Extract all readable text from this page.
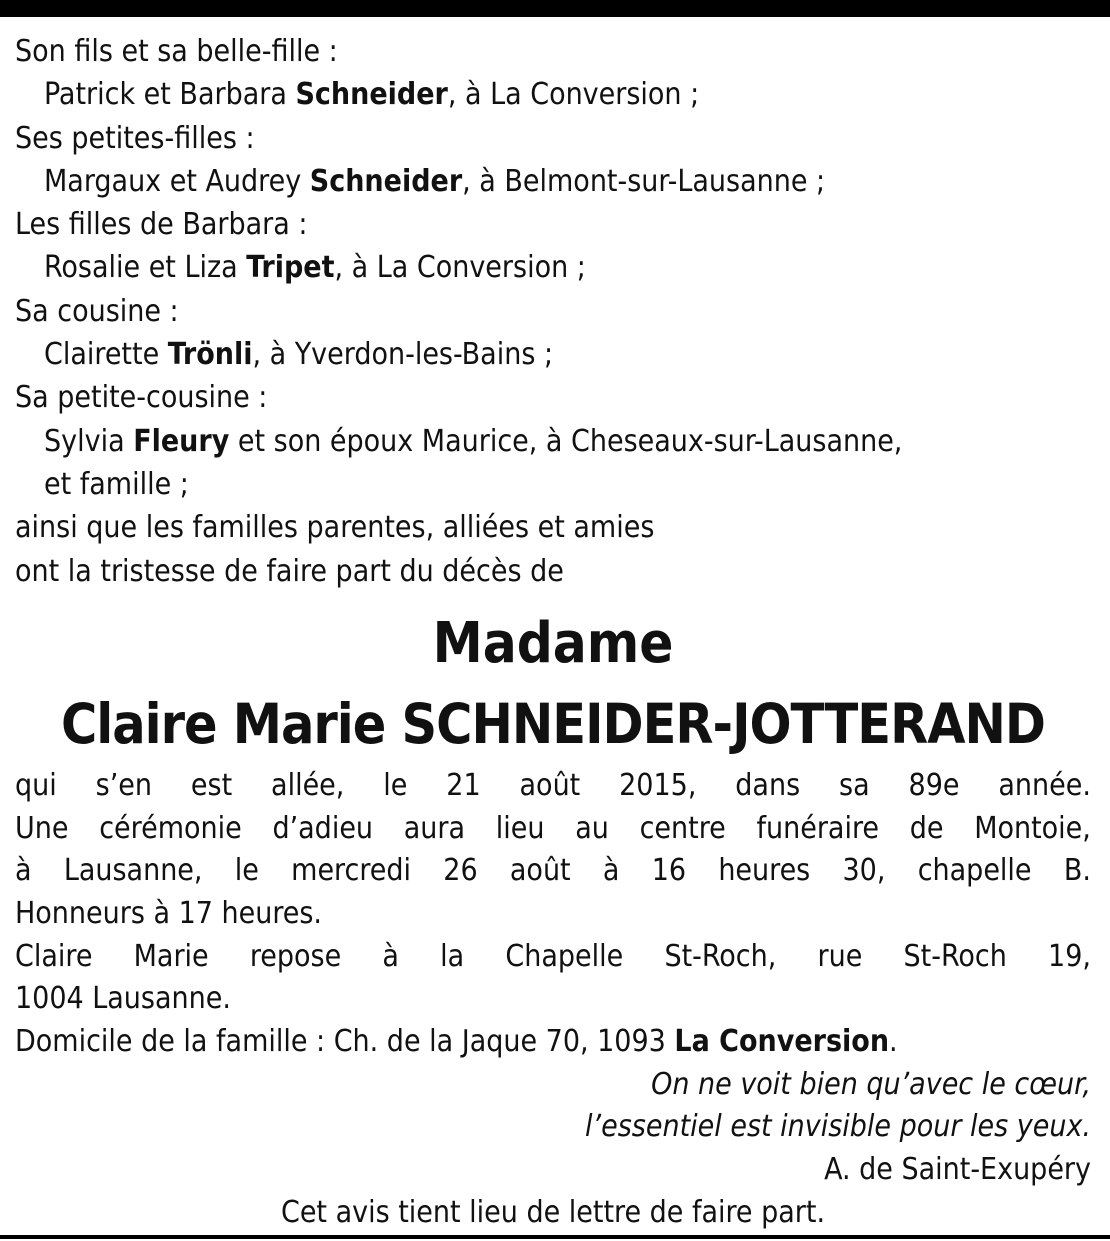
Son fils et sa belle-fille :
Patrick et Barbara Schneider, à La Conversion ;
Ses petites-filles :
Margaux et Audrey Schneider, à Belmont-sur-Lausanne ;
Les filles de Barbara :
Rosalie et Liza Tripet, à La Conversion ;
Sa cousine :
Clairette Trönli, à Yverdon-les-Bains ;
Sa petite-cousine :
Sylvia Fleury et son époux Maurice, à Cheseaux-sur-Lausanne,
et famille ;
ainsi que les familles parentes, alliées et amies
ont la tristesse de faire part du décès de
Madame
Claire Marie SCHNEIDER-JOTTERAND
qui s’en est allée, le 21 août 2015, dans sa 89e année.
Une cérémonie d’adieu aura lieu au centre funéraire de Montoie,
à Lausanne, le mercredi 26 août à 16 heures 30, chapelle B.
Honneurs à 17 heures.
Claire Marie repose à la Chapelle St-Roch, rue St-Roch 19,
1004 Lausanne.
Domicile de la famille : Ch. de la Jaque 70, 1093 La Conversion.
On ne voit bien qu’avec le cœur,
l’essentiel est invisible pour les yeux.
A. de Saint-Exupéry
Cet avis tient lieu de lettre de faire part.
